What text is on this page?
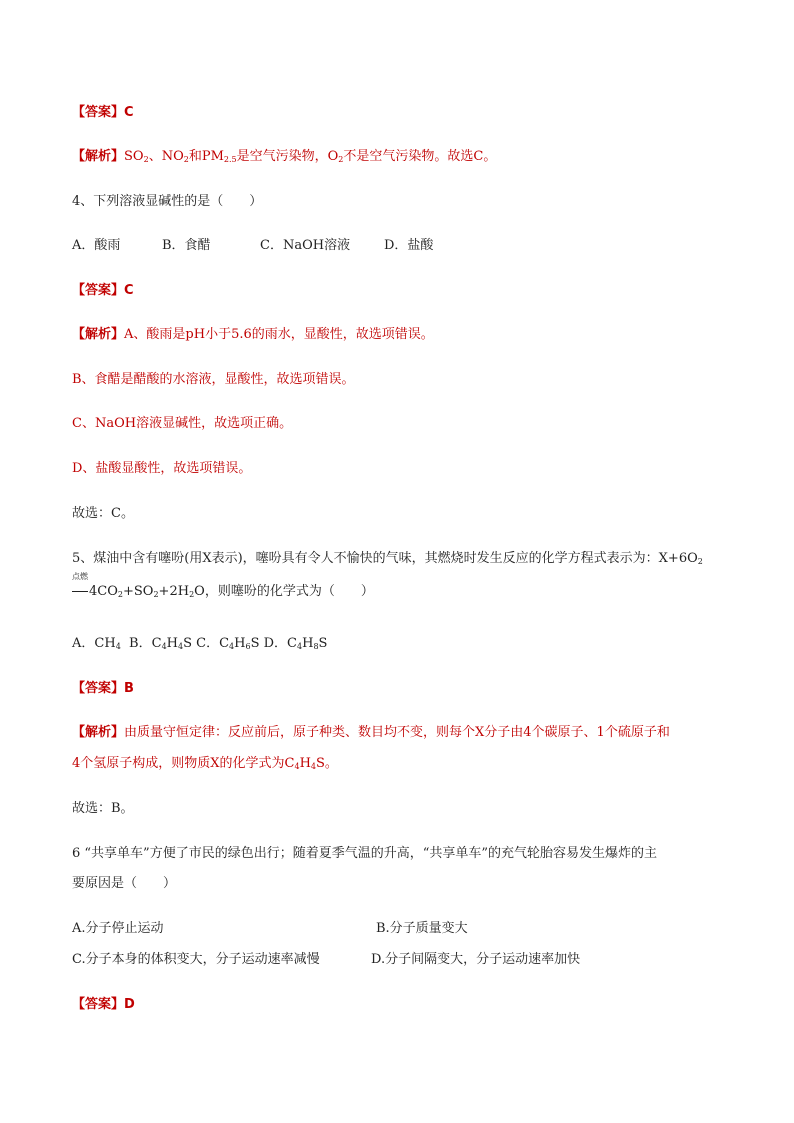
【答案】C
【解析】$SO_2$、$NO_2$和$PM_{2.5}$是空气污染物，$O_2$不是空气污染物。故选C。
4、下列溶液显碱性的是（　　）
A．酸雨	B．食醋	C．NaOH溶液	D．盐酸
【答案】C
【解析】A、酸雨是pH小于5.6的雨水，显酸性，故选项错误。
B、食醋是醋酸的水溶液，显酸性，故选项错误。
C、NaOH溶液显碱性，故选项正确。
D、盐酸显酸性，故选项错误。
故选：C。
5、煤油中含有噻吩(用X表示)，噻吩具有令人不愉快的气味，其燃烧时发生反应的化学方程式表示为：$X+6O_2$
点燃
$4CO_2+SO_2+2H_2O$，则噻吩的化学式为（　　）
A．$CH_4$ B．$C_4H_4S$ C．$C_4H_6S$ D．$C_4H_8S$
【答案】B
【解析】由质量守恒定律：反应前后，原子种类、数目均不变，则每个X分子由4个碳原子、1个硫原子和
4个氢原子构成，则物质X的化学式为$C_4H_4S$。
故选：B。
6 “共享单车”方便了市民的绿色出行；随着夏季气温的升高，“共享单车”的充气轮胎容易发生爆炸的主
要原因是（　　）
A.分子停止运动	B.分子质量变大
C.分子本身的体积变大，分子运动速率减慢	D.分子间隔变大，分子运动速率加快
【答案】D
